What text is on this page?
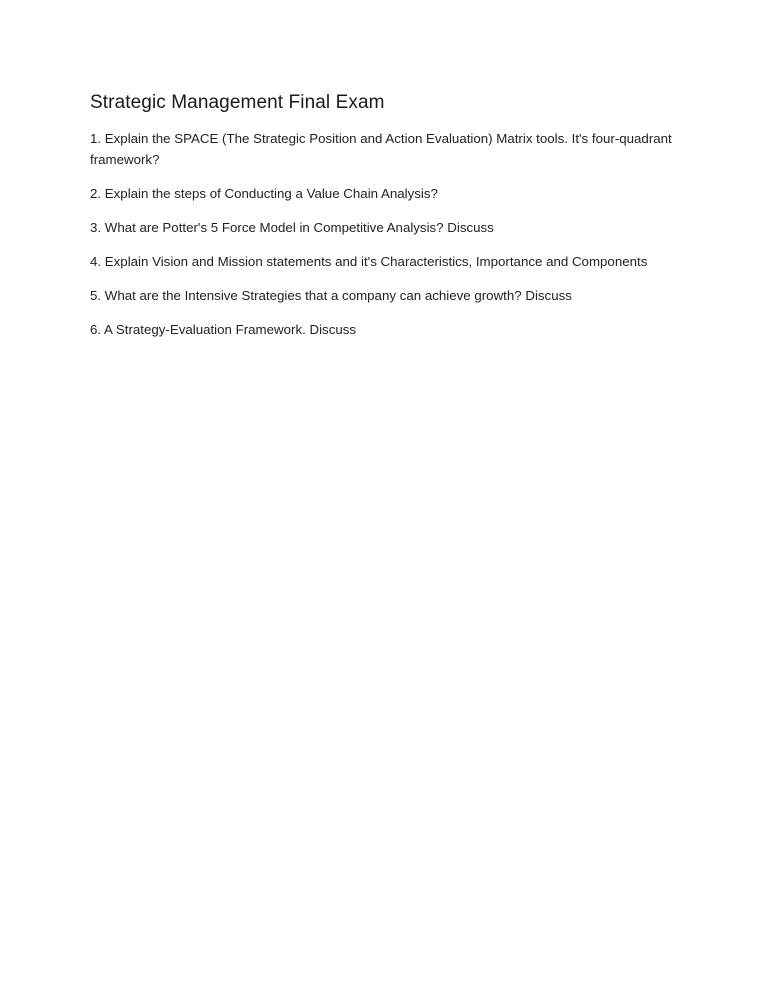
Strategic Management Final Exam
1. Explain the SPACE (The Strategic Position and Action Evaluation) Matrix tools. It's four-quadrant framework?
2. Explain the steps of Conducting a Value Chain Analysis?
3. What are Potter's 5 Force Model in Competitive Analysis? Discuss
4. Explain Vision and Mission statements and it's Characteristics, Importance and Components
5. What are the Intensive Strategies that a company can achieve growth? Discuss
6. A Strategy-Evaluation Framework. Discuss
